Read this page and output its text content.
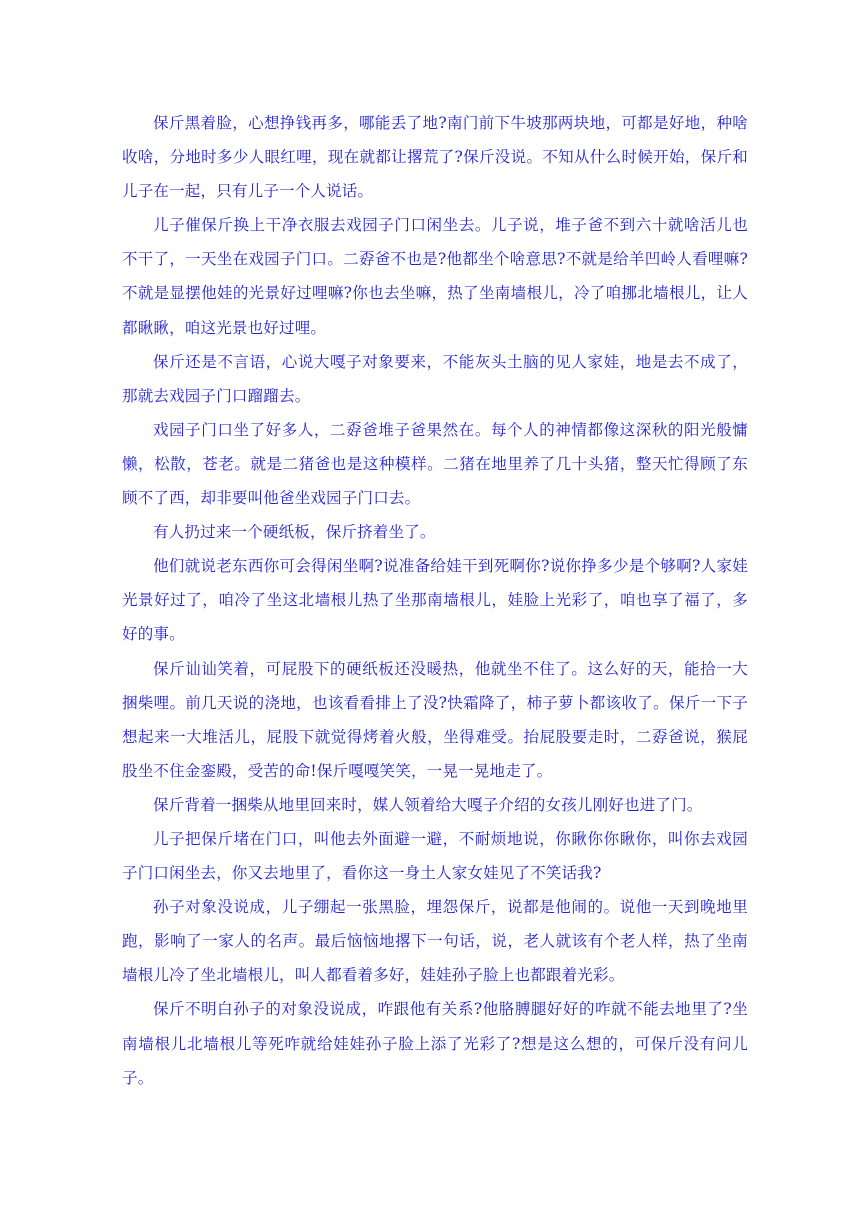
保斤黑着脸，心想挣钱再多，哪能丢了地?南门前下牛坡那两块地，可都是好地，种啥收啥，分地时多少人眼红哩，现在就都让撂荒了?保斤没说。不知从什么时候开始，保斤和儿子在一起，只有儿子一个人说话。

儿子催保斤换上干净衣服去戏园子门口闲坐去。儿子说，堆子爸不到六十就啥活儿也不干了，一天坐在戏园子门口。二孬爸不也是?他都坐个啥意思?不就是给羊凹岭人看哩嘛?不就是显摆他娃的光景好过哩嘛?你也去坐嘛，热了坐南墙根儿，冷了咱挪北墙根儿，让人都瞅瞅，咱这光景也好过哩。

保斤还是不言语，心说大嘎子对象要来，不能灰头土脑的见人家娃，地是去不成了，那就去戏园子门口蹓蹓去。

戏园子门口坐了好多人，二孬爸堆子爸果然在。每个人的神情都像这深秋的阳光般慵懒，松散，苍老。就是二猪爸也是这种模样。二猪在地里养了几十头猪，整天忙得顾了东顾不了西，却非要叫他爸坐戏园子门口去。

有人扔过来一个硬纸板，保斤挤着坐了。

他们就说老东西你可会得闲坐啊?说准备给娃干到死啊你?说你挣多少是个够啊?人家娃光景好过了，咱冷了坐这北墙根儿热了坐那南墙根儿，娃脸上光彩了，咱也享了福了，多好的事。

保斤讪讪笑着，可屁股下的硬纸板还没暖热，他就坐不住了。这么好的天，能拾一大捆柴哩。前几天说的浇地，也该看看排上了没?快霜降了，柿子萝卜都该收了。保斤一下子想起来一大堆活儿，屁股下就觉得烤着火般，坐得难受。抬屁股要走时，二孬爸说，猴屁股坐不住金銮殿，受苦的命!保斤嘎嘎笑笑，一晃一晃地走了。

保斤背着一捆柴从地里回来时，媒人领着给大嘎子介绍的女孩儿刚好也进了门。

儿子把保斤堵在门口，叫他去外面避一避，不耐烦地说，你瞅你你瞅你，叫你去戏园子门口闲坐去，你又去地里了，看你这一身土人家女娃见了不笑话我?

孙子对象没说成，儿子绷起一张黑脸，埋怨保斤，说都是他闹的。说他一天到晚地里跑，影响了一家人的名声。最后恼恼地撂下一句话，说，老人就该有个老人样，热了坐南墙根儿冷了坐北墙根儿，叫人都看着多好，娃娃孙子脸上也都跟着光彩。

保斤不明白孙子的对象没说成，咋跟他有关系?他胳膊腿好好的咋就不能去地里了?坐南墙根儿北墙根儿等死咋就给娃娃孙子脸上添了光彩了?想是这么想的，可保斤没有问儿子。
